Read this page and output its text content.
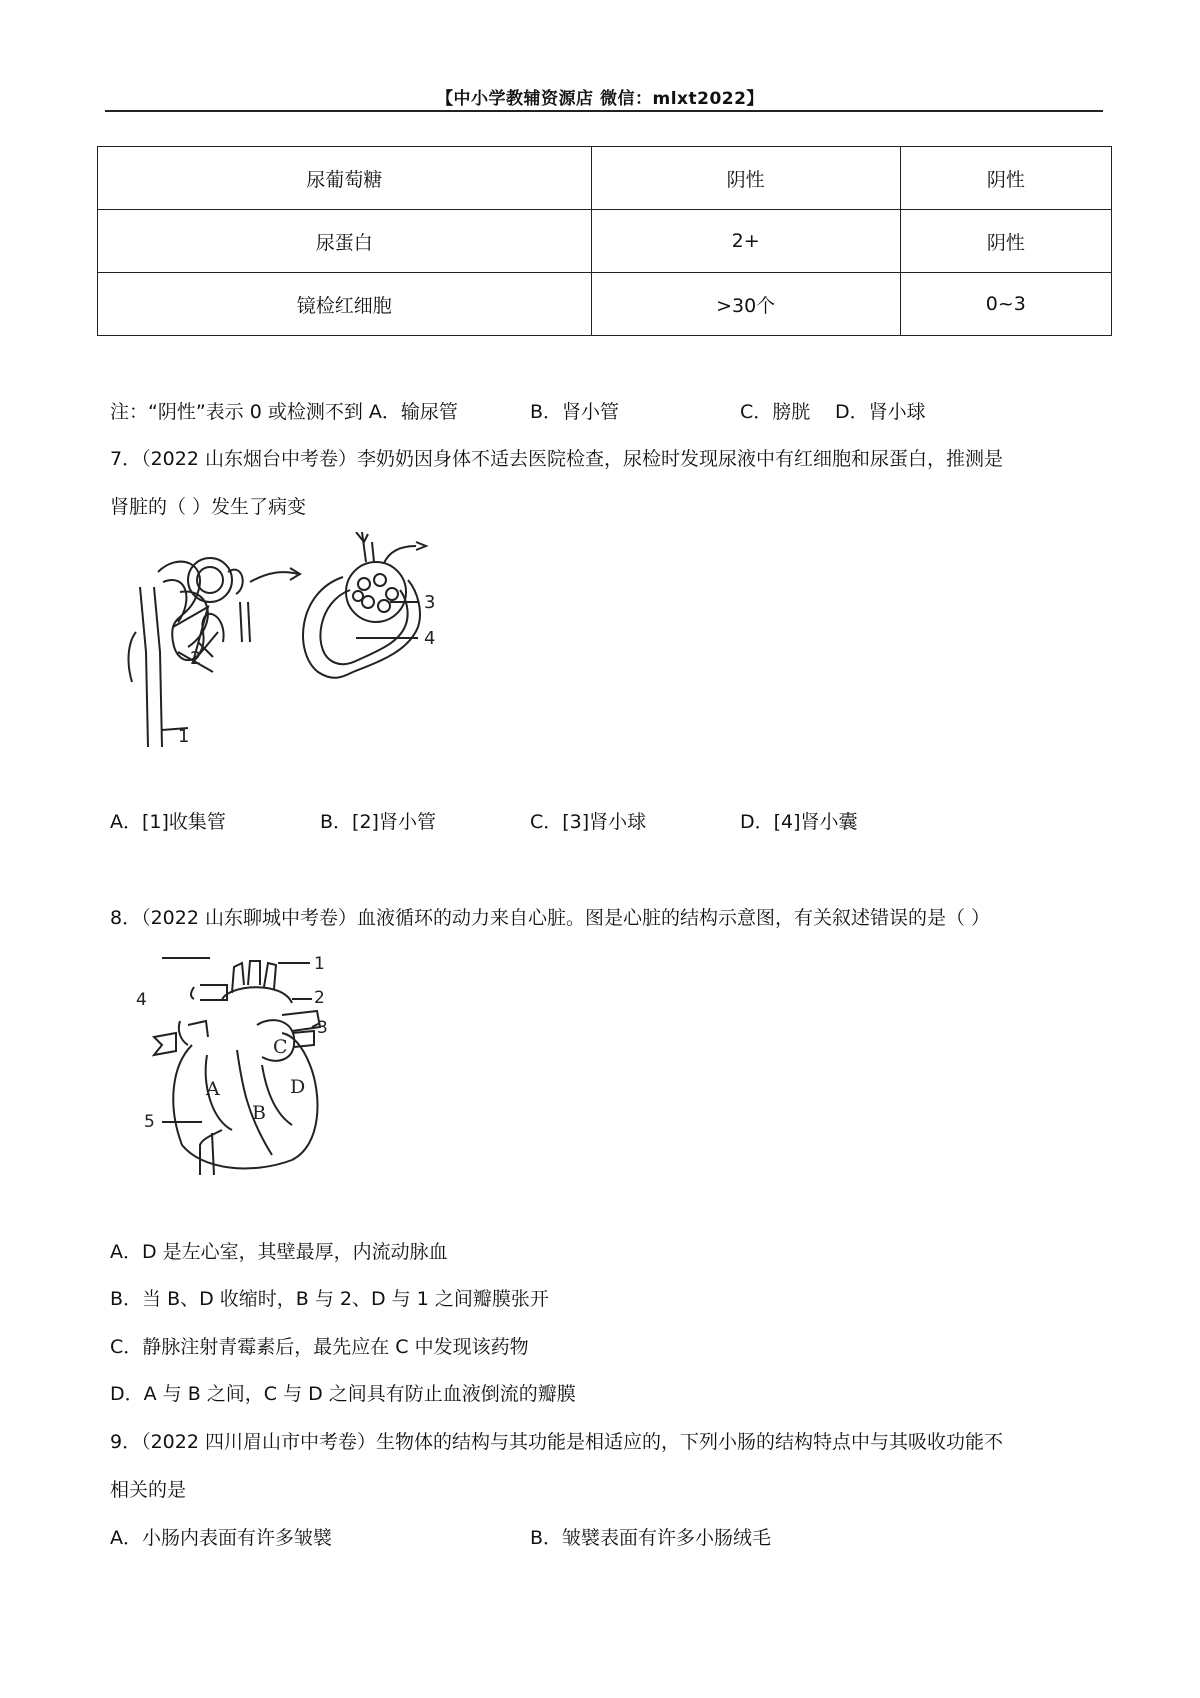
【中小学教辅资源店 微信：mlxt2022】
尿葡萄糖	阴性	阴性
尿蛋白	2+	阴性
镜检红细胞	>30个	0~3
注：“阴性”表示 0 或检测不到 A．输尿管	B．肾小管	C．膀胱 D．肾小球
7．（2022 山东烟台中考卷）李奶奶因身体不适去医院检查，尿检时发现尿液中有红细胞和尿蛋白，推测是
肾脏的（ ）发生了病变
2
1
3
4
A．[1]收集管	B．[2]肾小管	C．[3]肾小球	D．[4]肾小囊
8．（2022 山东聊城中考卷）血液循环的动力来自心脏。图是心脏的结构示意图，有关叙述错误的是（ ）
1
2
3
4
5
A
B
C
D
A．D 是左心室，其壁最厚，内流动脉血
B．当 B、D 收缩时，B 与 2、D 与 1 之间瓣膜张开
C．静脉注射青霉素后，最先应在 C 中发现该药物
D．A 与 B 之间，C 与 D 之间具有防止血液倒流的瓣膜
9．（2022 四川眉山市中考卷）生物体的结构与其功能是相适应的，下列小肠的结构特点中与其吸收功能不
相关的是
A．小肠内表面有许多皱襞	B．皱襞表面有许多小肠绒毛
